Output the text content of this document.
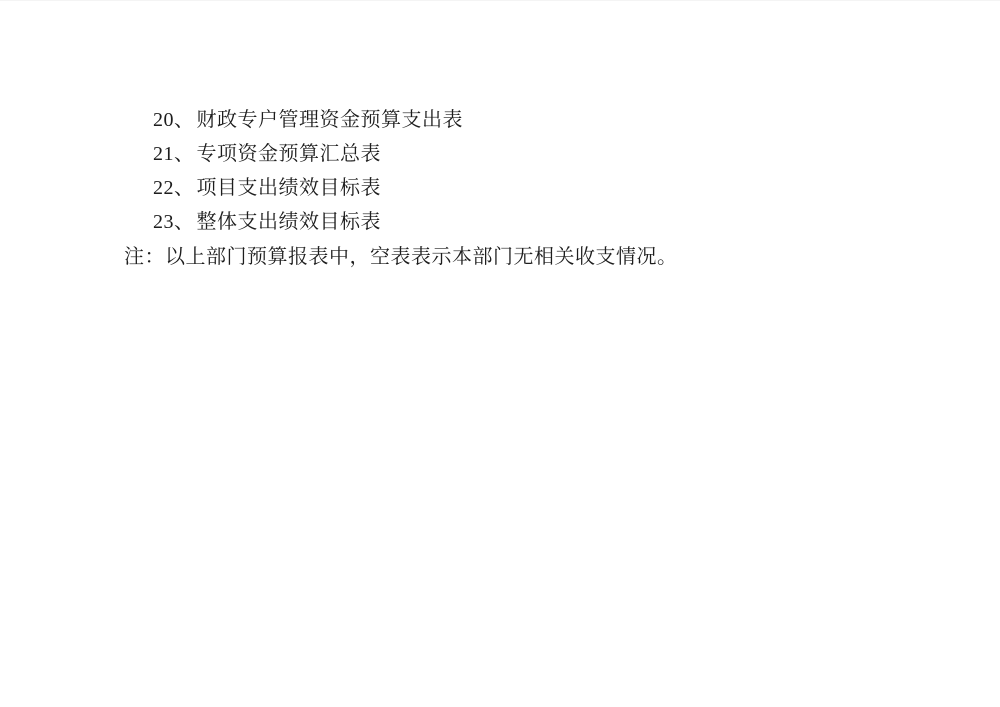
20、 财政专户管理资金预算支出表
21、 专项资金预算汇总表
22、 项目支出绩效目标表
23、 整体支出绩效目标表
注：以上部门预算报表中，空表表示本部门无相关收支情况。
